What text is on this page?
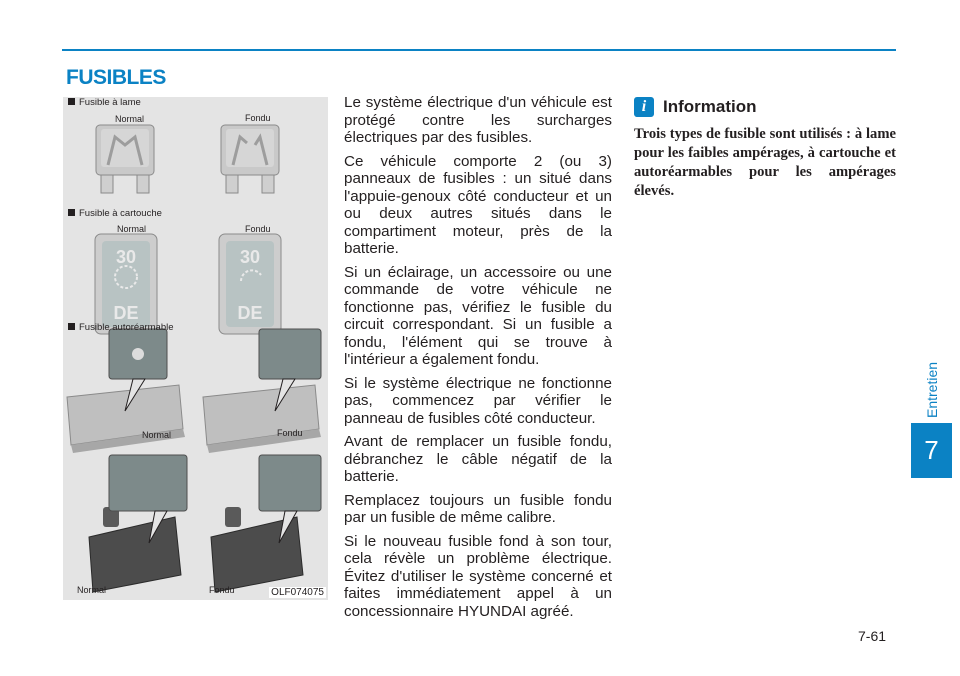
FUSIBLES
Entretien
7
7-61
DE
30
DE
30
Fusible à lame
Normal	Fondu
Fusible à cartouche
Normal	Fondu
Fusible autoréarmable
Normal	Fondu
Normal	Fondu	OLF074075

Le système électrique d'un véhicule est protégé contre les surcharges électriques par des fusibles.

Ce véhicule comporte 2 (ou 3) panneaux de fusibles : un situé dans l'appuie-genoux côté conducteur et un ou deux autres situés dans le compartiment moteur, près de la batterie.

Si un éclairage, un accessoire ou une commande de votre véhicule ne fonctionne pas, vérifiez le fusible du circuit correspondant. Si un fusible a fondu, l'élément qui se trouve à l'intérieur a également fondu.

Si le système électrique ne fonctionne pas, commencez par vérifier le panneau de fusibles côté conducteur.

Avant de remplacer un fusible fondu, débranchez le câble négatif de la batterie.

Remplacez toujours un fusible fondu par un fusible de même calibre.

Si le nouveau fusible fond à son tour, cela révèle un problème électrique. Évitez d'utiliser le système concerné et faites immédiatement appel à un concessionnaire HYUNDAI agréé.

i Information
Trois types de fusible sont utilisés : à lame pour les faibles ampérages, à cartouche et autoréarmables pour les ampérages élevés.
